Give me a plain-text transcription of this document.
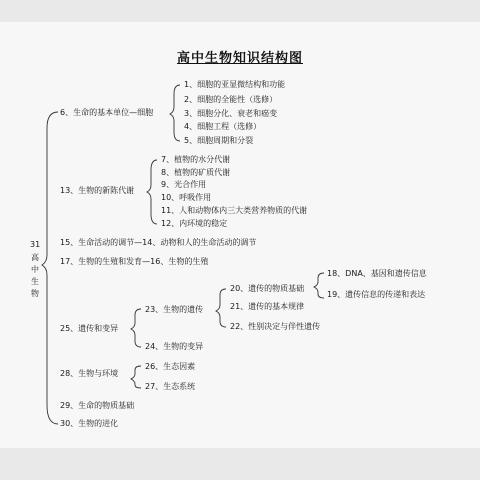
高中生物知识结构图
31
高
中
生
物
6、生命的基本单位—细胞
1、细胞的亚显微结构和功能
2、细胞的全能性（选修）
3、细胞分化、衰老和癌变
4、细胞工程（选修）
5、细胞周期和分裂
13、生物的新陈代谢
7、植物的水分代谢
8、植物的矿质代谢
9、光合作用
10、呼吸作用
11、人和动物体内三大类营养物质的代谢
12、内环境的稳定
15、生命活动的调节—14、动物和人的生命活动的调节
17、生物的生殖和发育—16、生物的生殖
25、遗传和变异
23、生物的遗传
24、生物的变异
20、遗传的物质基础
21、遗传的基本规律
22、性别决定与伴性遗传
18、DNA、基因和遗传信息
19、遗传信息的传递和表达
28、生物与环境
26、生态因素
27、生态系统
29、生命的物质基础
30、生物的进化
